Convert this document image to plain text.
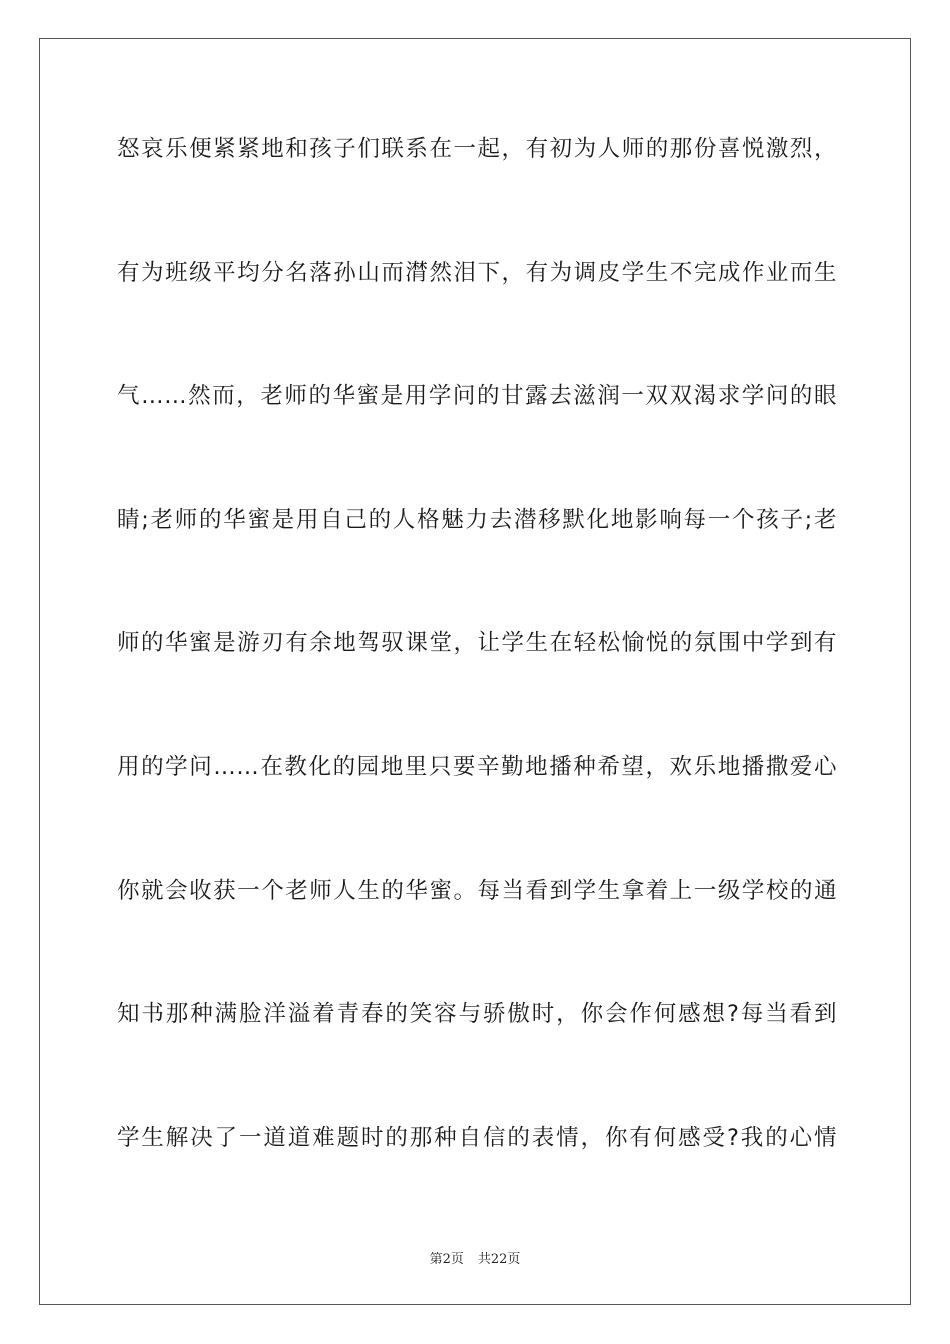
怒哀乐便紧紧地和孩子们联系在一起，有初为人师的那份喜悦激烈，
有为班级平均分名落孙山而潸然泪下，有为调皮学生不完成作业而生
气……然而，老师的华蜜是用学问的甘露去滋润一双双渴求学问的眼
睛;老师的华蜜是用自己的人格魅力去潜移默化地影响每一个孩子;老
师的华蜜是游刃有余地驾驭课堂，让学生在轻松愉悦的氛围中学到有
用的学问……在教化的园地里只要辛勤地播种希望，欢乐地播撒爱心
你就会收获一个老师人生的华蜜。每当看到学生拿着上一级学校的通
知书那种满脸洋溢着青春的笑容与骄傲时，你会作何感想?每当看到
学生解决了一道道难题时的那种自信的表情，你有何感受?我的心情
第2页 共22页
